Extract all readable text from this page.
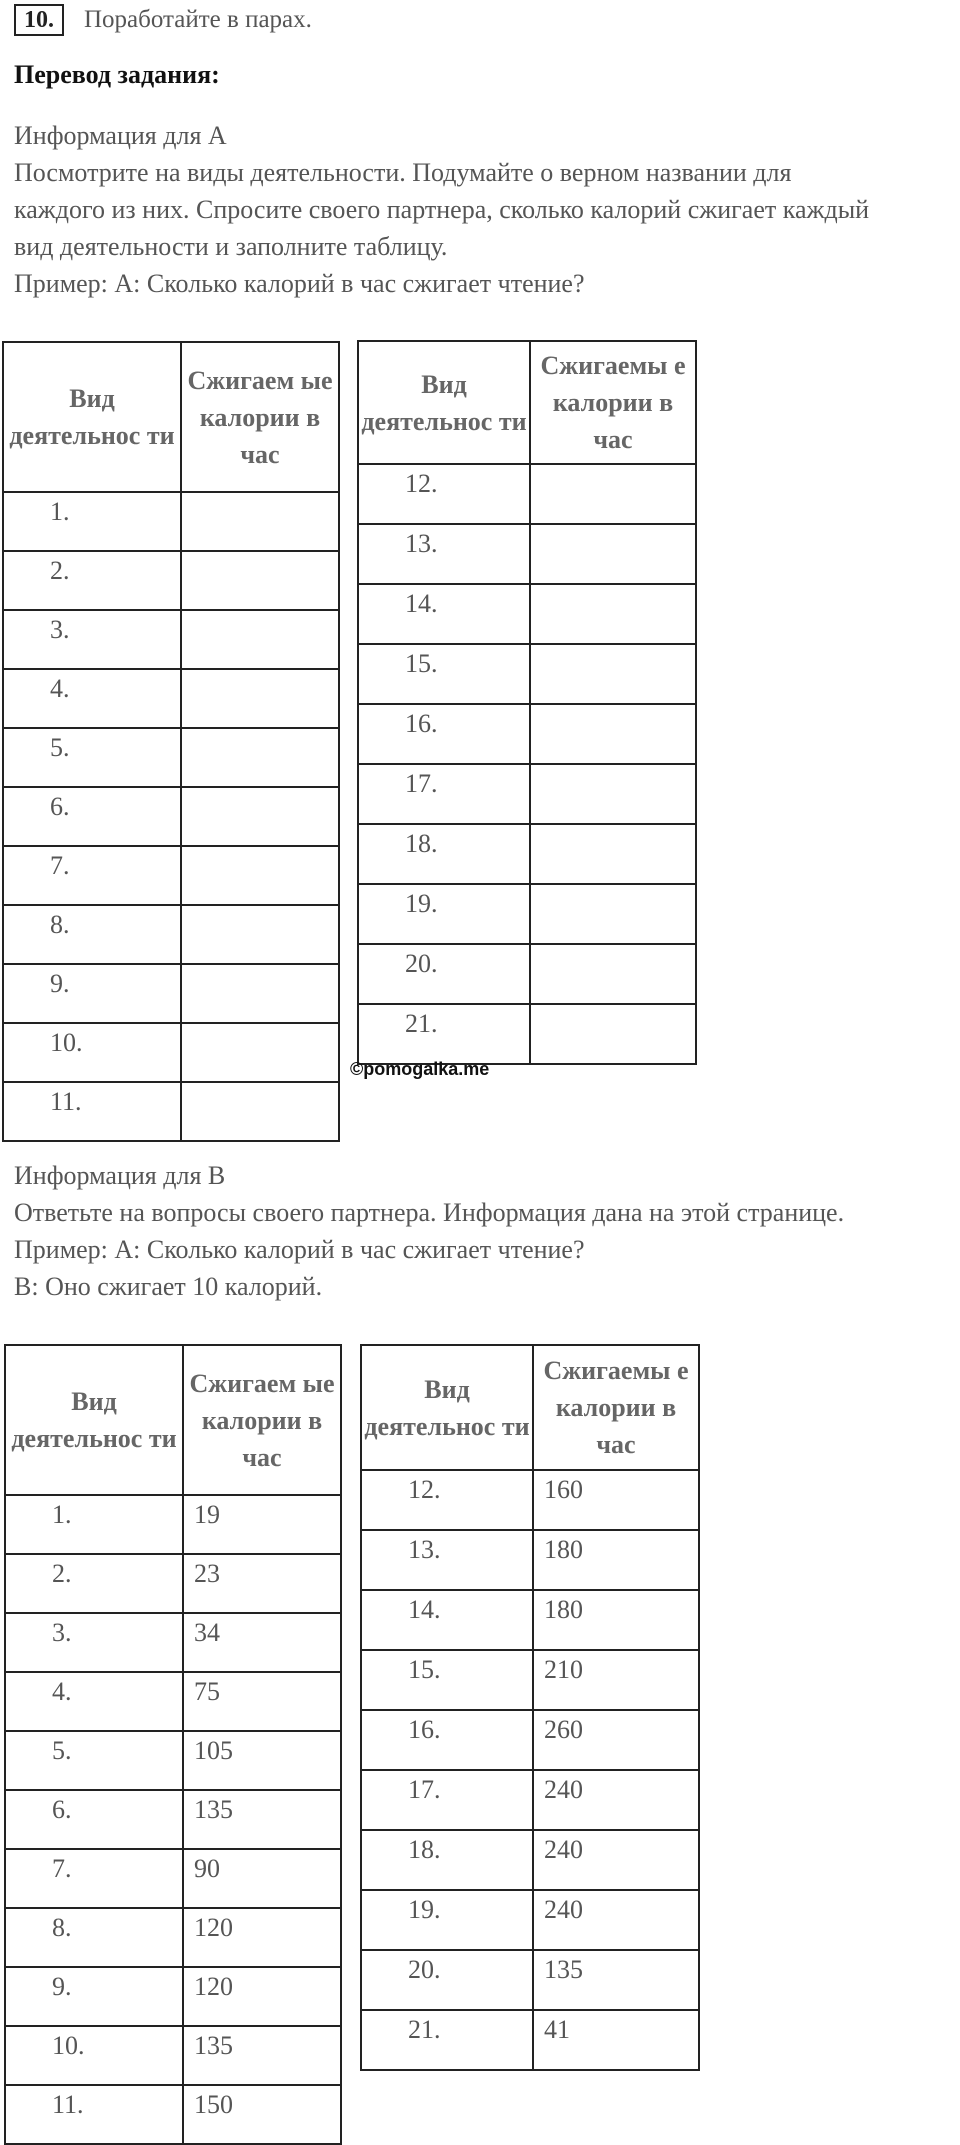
10.	Поработайте в парах.
Перевод задания:

Информация для А

Посмотрите на виды деятельности. Подумайте о верном названии для

каждого из них. Спросите своего партнера, сколько калорий сжигает каждый

вид деятельности и заполните таблицу.

Пример: А: Сколько калорий в час сжигает чтение?

Вид деятельнос ти	Сжигаем ые калории в час
1.	
2.	
3.	
4.	
5.	
6.	
7.	
8.	
9.	
10.	
11.	
Вид деятельнос ти	Сжигаемы е калории в час
12.	
13.	
14.	
15.	
16.	
17.	
18.	
19.	
20.	
21.	
©pomogalka.me

Информация для В

Ответьте на вопросы своего партнера. Информация дана на этой странице.

Пример: А: Сколько калорий в час сжигает чтение?

В: Оно сжигает 10 калорий.

Вид деятельнос ти	Сжигаем ые калории в час
1.	19
2.	23
3.	34
4.	75
5.	105
6.	135
7.	90
8.	120
9.	120
10.	135
11.	150
Вид деятельнос ти	Сжигаемы е калории в час
12.	160
13.	180
14.	180
15.	210
16.	260
17.	240
18.	240
19.	240
20.	135
21.	41
